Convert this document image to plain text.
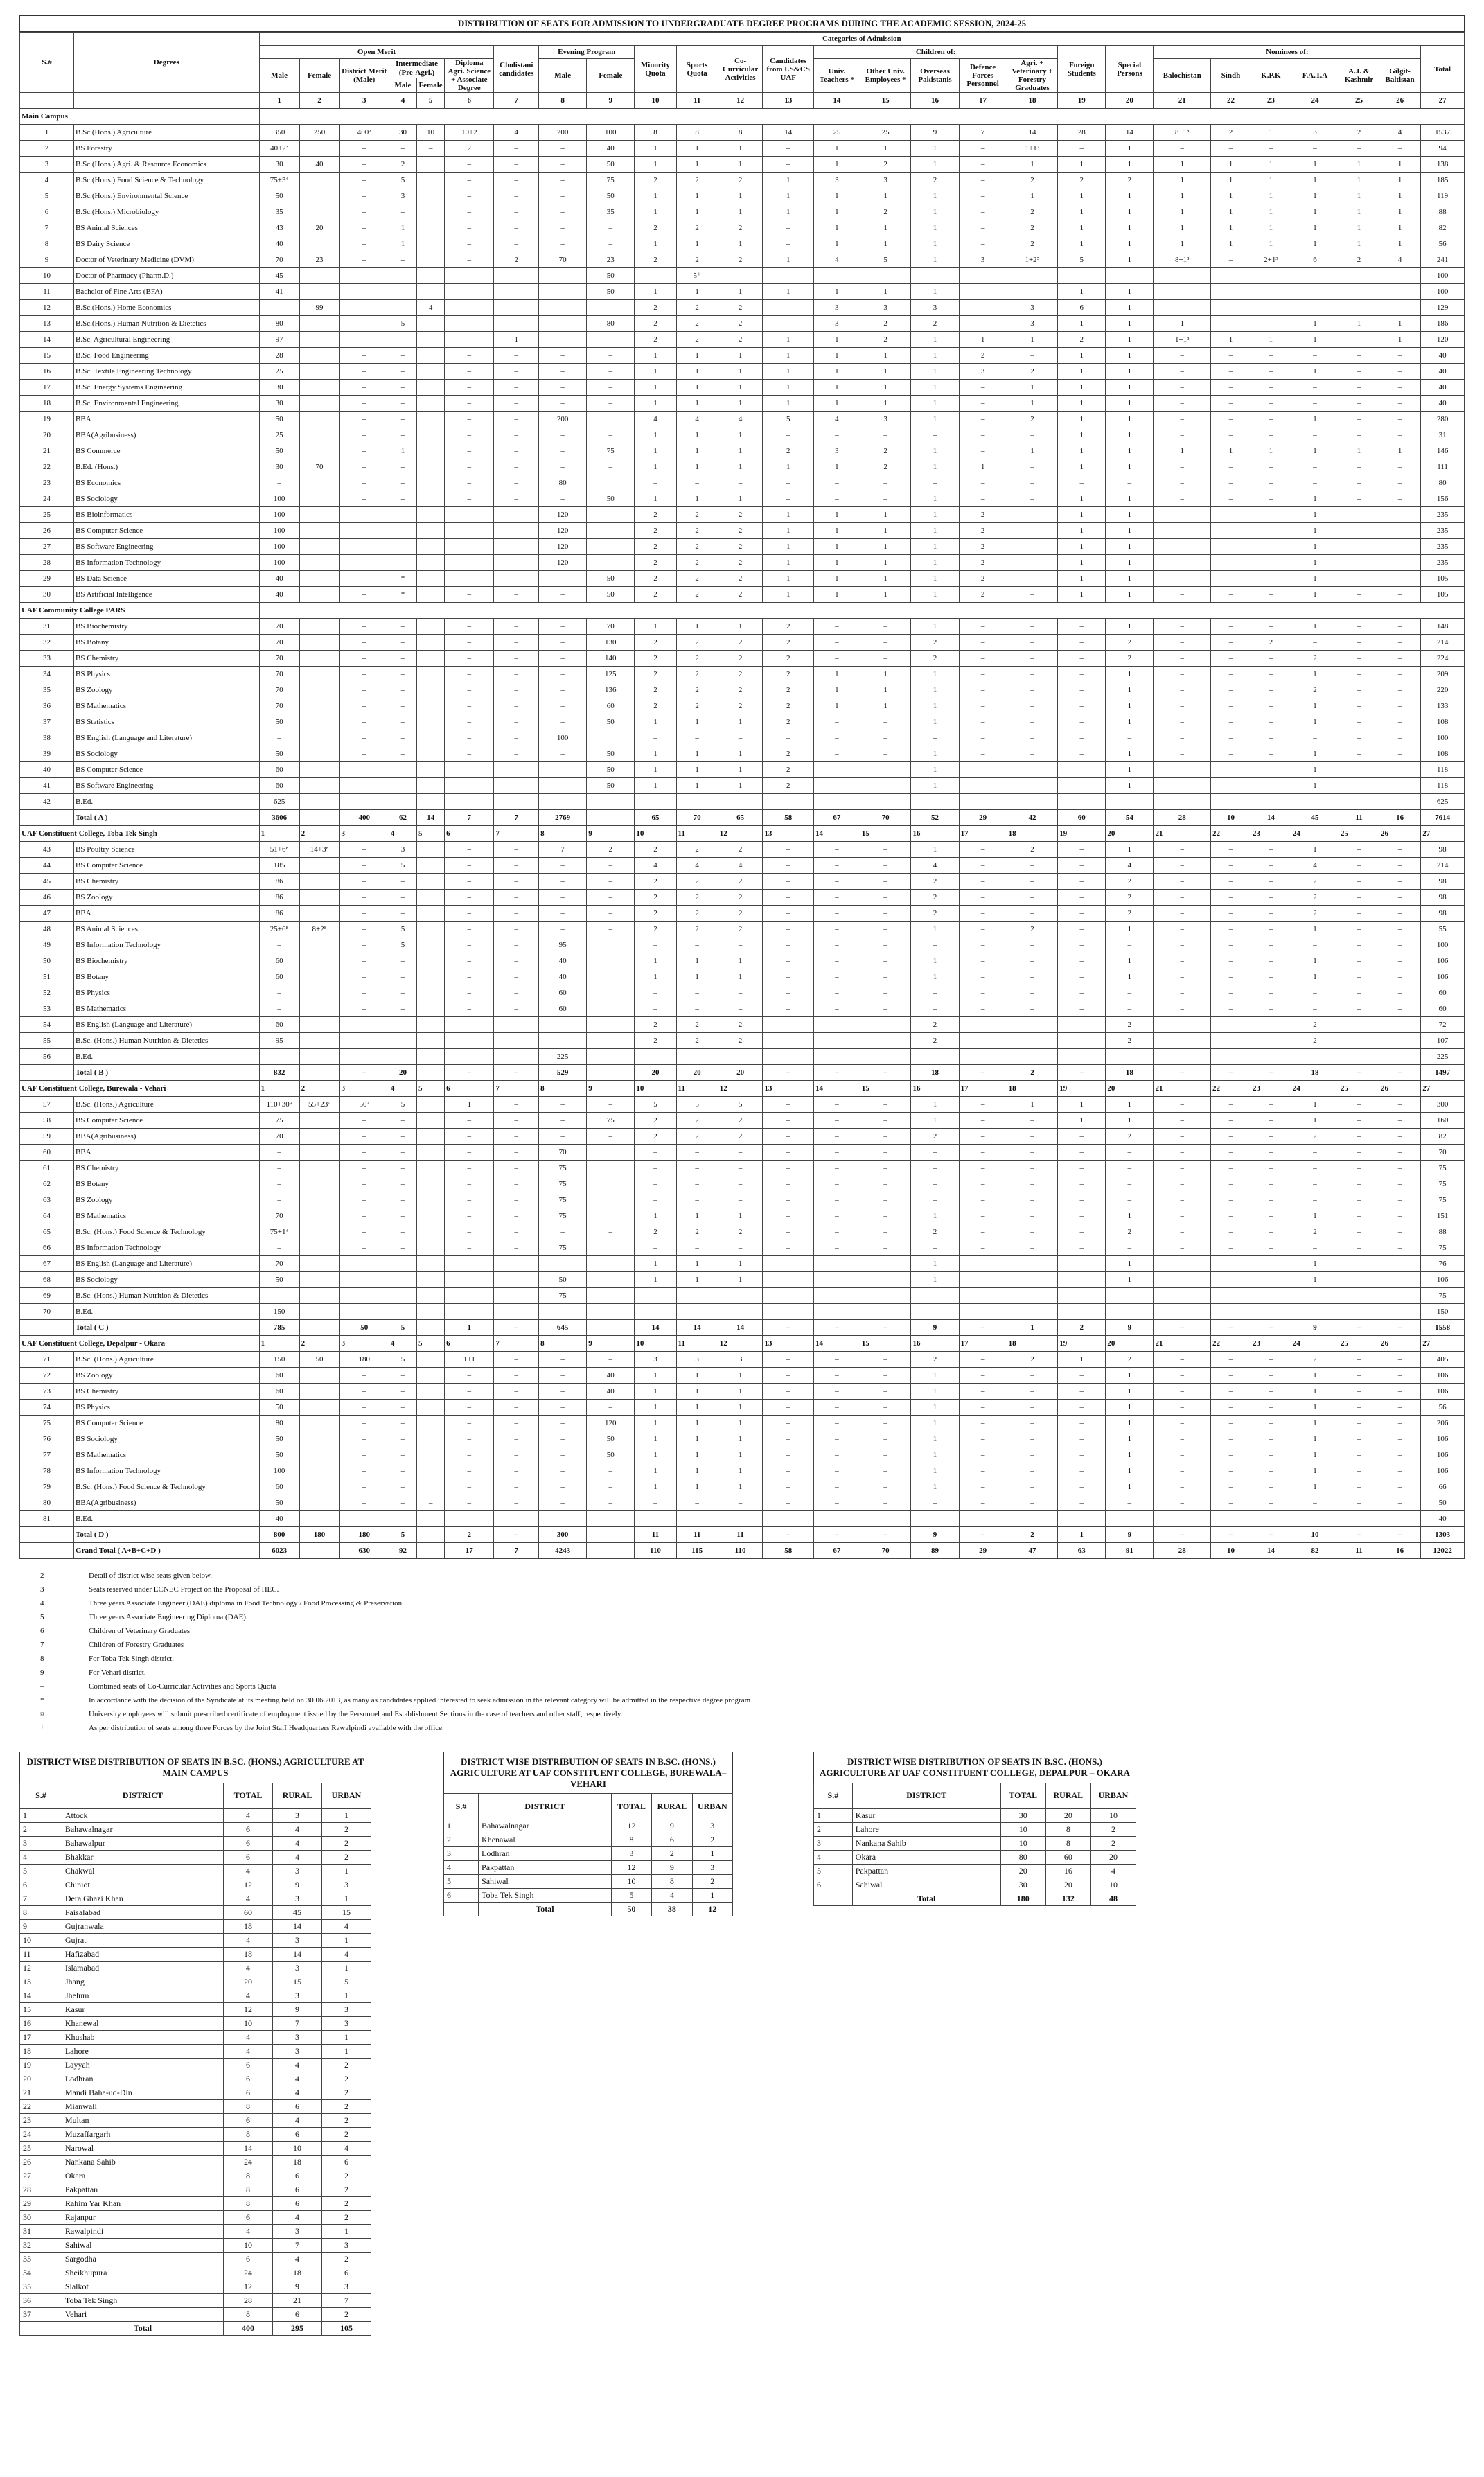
DISTRIBUTION OF SEATS FOR ADMISSION TO UNDERGRADUATE DEGREE PROGRAMS DURING THE ACADEMIC SESSION, 2024-25
S.#	Degrees	Categories of Admission																										
		Open Merit						Cholistani candidates	Evening Program		Minority Quota	Sports Quota	Co-Curricular Activities	Candidates from LS&CS UAF	Children of:					Foreign Students	Special Persons	Nominees of:						Total
		Male	Female	District Merit (Male)	Intermediate (Pre-Agri.)		Diploma Agri. Science + Associate Degree		Male	Female					Univ. Teachers *	Other Univ. Employees *	Overseas Pakistanis	Defence Forces Personnel	Agri. + Veterinary + Forestry Graduates			Balochistan	Sindh	K.P.K	F.A.T.A	A.J. & Kashmir	Gilgit-Baltistan	
					Male	Female																						
		1	2	3	4	5	6	7	8	9	10	11	12	13	14	15	16	17	18	19	20	21	22	23	24	25	26	27
Main Campus																												
1	B.Sc.(Hons.) Agriculture	350	250	400²	30	10	10+2	4	200	100	8	8	8	14	25	25	9	7	14	28	14	8+1³	2	1	3	2	4	1537
2	BS Forestry	40+2³		–	–	–	2	–	–	40	1	1	1	–	1	1	1	–	1+1⁷	–	1	–	–	–	–	–	–	94
3	B.Sc.(Hons.) Agri. & Resource Economics	30	40	–	2		–	–	–	50	1	1	1	–	1	2	1	–	1	1	1	1	1	1	1	1	1	138
4	B.Sc.(Hons.) Food Science & Technology	75+3⁴		–	5		–	–	–	75	2	2	2	1	3	3	2	–	2	2	2	1	1	1	1	1	1	185
5	B.Sc.(Hons.) Environmental Science	50		–	3		–	–	–	50	1	1	1	1	1	1	1	–	1	1	1	1	1	1	1	1	1	119
6	B.Sc.(Hons.) Microbiology	35		–	–		–	–	–	35	1	1	1	1	1	2	1	–	2	1	1	1	1	1	1	1	1	88
7	BS Animal Sciences	43	20	–	1		–	–	–	–	2	2	2	–	1	1	1	–	2	1	1	1	1	1	1	1	1	82
8	BS Dairy Science	40		–	1		–	–	–	–	1	1	1	–	1	1	1	–	2	1	1	1	1	1	1	1	1	56
9	Doctor of Veterinary Medicine (DVM)	70	23	–	–		–	2	70	23	2	2	2	1	4	5	1	3	1+2⁵	5	1	8+1³	–	2+1³	6	2	4	241
10	Doctor of Pharmacy (Pharm.D.)	45		–	–		–	–	–	50	–	5⁺	–	–	–	–	–	–	–	–	–	–	–	–	–	–	–	100
11	Bachelor of Fine Arts (BFA)	41		–	–		–	–	–	50	1	1	1	1	1	1	1	–	–	1	1	–	–	–	–	–	–	100
12	B.Sc.(Hons.) Home Economics	–	99	–	–	4	–	–	–	–	2	2	2	–	3	3	3	–	3	6	1	–	–	–	–	–	–	129
13	B.Sc.(Hons.) Human Nutrition & Dietetics	80		–	5		–	–	–	80	2	2	2	–	3	2	2	–	3	1	1	1	–	–	1	1	1	186
14	B.Sc. Agricultural Engineering	97		–	–		–	1	–	–	2	2	2	1	1	2	1	1	1	2	1	1+1³	1	1	1	–	1	120
15	B.Sc. Food Engineering	28		–	–		–	–	–	–	1	1	1	1	1	1	1	2	–	1	1	–	–	–	–	–	–	40
16	B.Sc. Textile Engineering Technology	25		–	–		–	–	–	–	1	1	1	1	1	1	1	3	2	1	1	–	–	–	1	–	–	40
17	B.Sc. Energy Systems Engineering	30		–	–		–	–	–	–	1	1	1	1	1	1	1	–	1	1	1	–	–	–	–	–	–	40
18	B.Sc. Environmental Engineering	30		–	–		–	–	–	–	1	1	1	1	1	1	1	–	1	1	1	–	–	–	–	–	–	40
19	BBA	50		–	–		–	–	200		4	4	4	5	4	3	1	–	2	1	1	–	–	–	1	–	–	280
20	BBA(Agribusiness)	25		–	–		–	–	–	–	1	1	1	–	–	–	–	–	–	1	1	–	–	–	–	–	–	31
21	BS Commerce	50		–	1		–	–	–	75	1	1	1	2	3	2	1	–	1	1	1	1	1	1	1	1	1	146
22	B.Ed. (Hons.)	30	70	–	–		–	–	–	–	1	1	1	1	1	2	1	1	–	1	1	–	–	–	–	–	–	111
23	BS Economics	–		–	–		–	–	80		–	–	–	–	–	–	–	–	–	–	–	–	–	–	–	–	–	80
24	BS Sociology	100		–	–		–	–	–	50	1	1	1	–	–	–	1	–	–	1	1	–	–	–	1	–	–	156
25	BS Bioinformatics	100		–	–		–	–	120		2	2	2	1	1	1	1	2	–	1	1	–	–	–	1	–	–	235
26	BS Computer Science	100		–	–		–	–	120		2	2	2	1	1	1	1	2	–	1	1	–	–	–	1	–	–	235
27	BS Software Engineering	100		–	–		–	–	120		2	2	2	1	1	1	1	2	–	1	1	–	–	–	1	–	–	235
28	BS Information Technology	100		–	–		–	–	120		2	2	2	1	1	1	1	2	–	1	1	–	–	–	1	–	–	235
29	BS Data Science	40		–	*		–	–	–	50	2	2	2	1	1	1	1	2	–	1	1	–	–	–	1	–	–	105
30	BS Artificial Intelligence	40		–	*		–	–	–	50	2	2	2	1	1	1	1	2	–	1	1	–	–	–	1	–	–	105
UAF Community College PARS																												
31	BS Biochemistry	70		–	–		–	–	–	70	1	1	1	2	–	–	1	–	–	–	1	–	–	–	1	–	–	148
32	BS Botany	70		–	–		–	–	–	130	2	2	2	2	–	–	2	–	–	–	2	–	–	2	–	–	–	214
33	BS Chemistry	70		–	–		–	–	–	140	2	2	2	2	–	–	2	–	–	–	2	–	–	–	2	–	–	224
34	BS Physics	70		–	–		–	–	–	125	2	2	2	2	1	1	1	–	–	–	1	–	–	–	1	–	–	209
35	BS Zoology	70		–	–		–	–	–	136	2	2	2	2	1	1	1	–	–	–	1	–	–	–	2	–	–	220
36	BS Mathematics	70		–	–		–	–	–	60	2	2	2	2	1	1	1	–	–	–	1	–	–	–	1	–	–	133
37	BS Statistics	50		–	–		–	–	–	50	1	1	1	2	–	–	1	–	–	–	1	–	–	–	1	–	–	108
38	BS English (Language and Literature)	–		–	–		–	–	100		–	–	–	–	–	–	–	–	–	–	–	–	–	–	–	–	–	100
39	BS Sociology	50		–	–		–	–	–	50	1	1	1	2	–	–	1	–	–	–	1	–	–	–	1	–	–	108
40	BS Computer Science	60		–	–		–	–	–	50	1	1	1	2	–	–	1	–	–	–	1	–	–	–	1	–	–	118
41	BS Software Engineering	60		–	–		–	–	–	50	1	1	1	2	–	–	1	–	–	–	1	–	–	–	1	–	–	118
42	B.Ed.	625		–	–		–	–	–	–	–	–	–	–	–	–	–	–	–	–	–	–	–	–	–	–	–	625
	Total ( A )	3606		400	62	14	7	7	2769		65	70	65	58	67	70	52	29	42	60	54	28	10	14	45	11	16	7614
UAF Constituent College, Toba Tek Singh		1	2	3	4	5	6	7	8	9	10	11	12	13	14	15	16	17	18	19	20	21	22	23	24	25	26	27
43	BS Poultry Science	51+6⁸	14+3⁸	–	3		–	–	7	2	2	2	2	–	–	–	1	–	2	–	1	–	–	–	1	–	–	98
44	BS Computer Science	185		–	5		–	–	–	–	4	4	4	–	–	–	4	–	–	–	4	–	–	–	4	–	–	214
45	BS Chemistry	86		–	–		–	–	–	–	2	2	2	–	–	–	2	–	–	–	2	–	–	–	2	–	–	98
46	BS Zoology	86		–	–		–	–	–	–	2	2	2	–	–	–	2	–	–	–	2	–	–	–	2	–	–	98
47	BBA	86		–	–		–	–	–	–	2	2	2	–	–	–	2	–	–	–	2	–	–	–	2	–	–	98
48	BS Animal Sciences	25+6⁸	8+2⁸	–	5		–	–	–	–	2	2	2	–	–	–	1	–	2	–	1	–	–	–	1	–	–	55
49	BS Information Technology	–		–	5		–	–	95		–	–	–	–	–	–	–	–	–	–	–	–	–	–	–	–	–	100
50	BS Biochemistry	60		–	–		–	–	40		1	1	1	–	–	–	1	–	–	–	1	–	–	–	1	–	–	106
51	BS Botany	60		–	–		–	–	40		1	1	1	–	–	–	1	–	–	–	1	–	–	–	1	–	–	106
52	BS Physics	–		–	–		–	–	60		–	–	–	–	–	–	–	–	–	–	–	–	–	–	–	–	–	60
53	BS Mathematics	–		–	–		–	–	60		–	–	–	–	–	–	–	–	–	–	–	–	–	–	–	–	–	60
54	BS English (Language and Literature)	60		–	–		–	–	–	–	2	2	2	–	–	–	2	–	–	–	2	–	–	–	2	–	–	72
55	B.Sc. (Hons.) Human Nutrition & Dietetics	95		–	–		–	–	–	–	2	2	2	–	–	–	2	–	–	–	2	–	–	–	2	–	–	107
56	B.Ed.	–		–	–		–	–	225		–	–	–	–	–	–	–	–	–	–	–	–	–	–	–	–	–	225
	Total ( B )	832		–	20		–	–	529		20	20	20	–	–	–	18	–	2	–	18	–	–	–	18	–	–	1497
UAF Constituent College, Burewala - Vehari		1	2	3	4	5	6	7	8	9	10	11	12	13	14	15	16	17	18	19	20	21	22	23	24	25	26	27
57	B.Sc. (Hons.) Agriculture	110+30⁹	55+23⁹	50²	5		1	–	–	–	5	5	5	–	–	–	1	–	1	1	1	–	–	–	1	–	–	300
58	BS Computer Science	75		–	–		–	–	–	75	2	2	2	–	–	–	1	–	–	1	1	–	–	–	1	–	–	160
59	BBA(Agribusiness)	70		–	–		–	–	–	–	2	2	2	–	–	–	2	–	–	–	2	–	–	–	2	–	–	82
60	BBA	–		–	–		–	–	70		–	–	–	–	–	–	–	–	–	–	–	–	–	–	–	–	–	70
61	BS Chemistry	–		–	–		–	–	75		–	–	–	–	–	–	–	–	–	–	–	–	–	–	–	–	–	75
62	BS Botany	–		–	–		–	–	75		–	–	–	–	–	–	–	–	–	–	–	–	–	–	–	–	–	75
63	BS Zoology	–		–	–		–	–	75		–	–	–	–	–	–	–	–	–	–	–	–	–	–	–	–	–	75
64	BS Mathematics	70		–	–		–	–	75		1	1	1	–	–	–	1	–	–	–	1	–	–	–	1	–	–	151
65	B.Sc. (Hons.) Food Science & Technology	75+1⁴		–	–		–	–	–	–	2	2	2	–	–	–	2	–	–	–	2	–	–	–	2	–	–	88
66	BS Information Technology	–		–	–		–	–	75		–	–	–	–	–	–	–	–	–	–	–	–	–	–	–	–	–	75
67	BS English (Language and Literature)	70		–	–		–	–	–	–	1	1	1	–	–	–	1	–	–	–	1	–	–	–	1	–	–	76
68	BS Sociology	50		–	–		–	–	50		1	1	1	–	–	–	1	–	–	–	1	–	–	–	1	–	–	106
69	B.Sc. (Hons.) Human Nutrition & Dietetics	–		–	–		–	–	75		–	–	–	–	–	–	–	–	–	–	–	–	–	–	–	–	–	75
70	B.Ed.	150		–	–		–	–	–	–	–	–	–	–	–	–	–	–	–	–	–	–	–	–	–	–	–	150
	Total ( C )	785		50	5		1	–	645		14	14	14	–	–	–	9	–	1	2	9	–	–	–	9	–	–	1558
UAF Constituent College, Depalpur - Okara		1	2	3	4	5	6	7	8	9	10	11	12	13	14	15	16	17	18	19	20	21	22	23	24	25	26	27
71	B.Sc. (Hons.) Agriculture	150	50	180	5		1+1	–	–	–	3	3	3	–	–	–	2	–	2	1	2	–	–	–	2	–	–	405
72	BS Zoology	60		–	–		–	–	–	40	1	1	1	–	–	–	1	–	–	–	1	–	–	–	1	–	–	106
73	BS Chemistry	60		–	–		–	–	–	40	1	1	1	–	–	–	1	–	–	–	1	–	–	–	1	–	–	106
74	BS Physics	50		–	–		–	–	–	–	1	1	1	–	–	–	1	–	–	–	1	–	–	–	1	–	–	56
75	BS Computer Science	80		–	–		–	–	–	120	1	1	1	–	–	–	1	–	–	–	1	–	–	–	1	–	–	206
76	BS Sociology	50		–	–		–	–	–	50	1	1	1	–	–	–	1	–	–	–	1	–	–	–	1	–	–	106
77	BS Mathematics	50		–	–		–	–	–	50	1	1	1	–	–	–	1	–	–	–	1	–	–	–	1	–	–	106
78	BS Information Technology	100		–	–		–	–	–	–	1	1	1	–	–	–	1	–	–	–	1	–	–	–	1	–	–	106
79	B.Sc. (Hons.) Food Science & Technology	60		–	–		–	–	–	–	1	1	1	–	–	–	1	–	–	–	1	–	–	–	1	–	–	66
80	BBA(Agribusiness)	50		–	–	–	–	–	–	–	–	–	–	–	–	–	–	–	–	–	–	–	–	–	–	–	–	50
81	B.Ed.	40		–	–		–	–	–	–	–	–	–	–	–	–	–	–	–	–	–	–	–	–	–	–	–	40
	Total ( D )	800	180	180	5		2	–	300		11	11	11	–	–	–	9	–	2	1	9	–	–	–	10	–	–	1303
	Grand Total ( A+B+C+D )	6023		630	92		17	7	4243		110	115	110	58	67	70	89	29	47	63	91	28	10	14	82	11	16	12022
2	Detail of district wise seats given below.
3	Seats reserved under ECNEC Project on the Proposal of HEC.
4	Three years Associate Engineer (DAE) diploma in Food Technology / Food Processing & Preservation.
5	Three years Associate Engineering Diploma (DAE)
6	Children of Veterinary Graduates
7	Children of Forestry Graduates
8	For Toba Tek Singh district.
9	For Vehari district.
–	Combined seats of Co-Curricular Activities and Sports Quota
*	In accordance with the decision of the Syndicate at its meeting held on 30.06.2013, as many as candidates applied interested to seek admission in the relevant category will be admitted in the respective degree program
¤	University employees will submit prescribed certificate of employment issued by the Personnel and Establishment Sections in the case of teachers and other staff, respectively.
⁺	As per distribution of seats among three Forces by the Joint Staff Headquarters Rawalpindi available with the office.
DISTRICT WISE DISTRIBUTION OF SEATS IN B.SC. (HONS.) AGRICULTURE AT MAIN CAMPUS
S.#	DISTRICT	TOTAL	RURAL	URBAN
1	Attock	4	3	1
2	Bahawalnagar	6	4	2
3	Bahawalpur	6	4	2
4	Bhakkar	6	4	2
5	Chakwal	4	3	1
6	Chiniot	12	9	3
7	Dera Ghazi Khan	4	3	1
8	Faisalabad	60	45	15
9	Gujranwala	18	14	4
10	Gujrat	4	3	1
11	Hafizabad	18	14	4
12	Islamabad	4	3	1
13	Jhang	20	15	5
14	Jhelum	4	3	1
15	Kasur	12	9	3
16	Khanewal	10	7	3
17	Khushab	4	3	1
18	Lahore	4	3	1
19	Layyah	6	4	2
20	Lodhran	6	4	2
21	Mandi Baha-ud-Din	6	4	2
22	Mianwali	8	6	2
23	Multan	6	4	2
24	Muzaffargarh	8	6	2
25	Narowal	14	10	4
26	Nankana Sahib	24	18	6
27	Okara	8	6	2
28	Pakpattan	8	6	2
29	Rahim Yar Khan	8	6	2
30	Rajanpur	6	4	2
31	Rawalpindi	4	3	1
32	Sahiwal	10	7	3
33	Sargodha	6	4	2
34	Sheikhupura	24	18	6
35	Sialkot	12	9	3
36	Toba Tek Singh	28	21	7
37	Vehari	8	6	2
	Total	400	295	105
DISTRICT WISE DISTRIBUTION OF SEATS IN B.SC. (HONS.) AGRICULTURE AT UAF CONSTITUENT COLLEGE, BUREWALA–VEHARI
S.#	DISTRICT	TOTAL	RURAL	URBAN
1	Bahawalnagar	12	9	3
2	Khenawal	8	6	2
3	Lodhran	3	2	1
4	Pakpattan	12	9	3
5	Sahiwal	10	8	2
6	Toba Tek Singh	5	4	1
	Total	50	38	12
DISTRICT WISE DISTRIBUTION OF SEATS IN B.SC. (HONS.) AGRICULTURE AT UAF CONSTITUENT COLLEGE, DEPALPUR – OKARA
S.#	DISTRICT	TOTAL	RURAL	URBAN
1	Kasur	30	20	10
2	Lahore	10	8	2
3	Nankana Sahib	10	8	2
4	Okara	80	60	20
5	Pakpattan	20	16	4
6	Sahiwal	30	20	10
	Total	180	132	48
